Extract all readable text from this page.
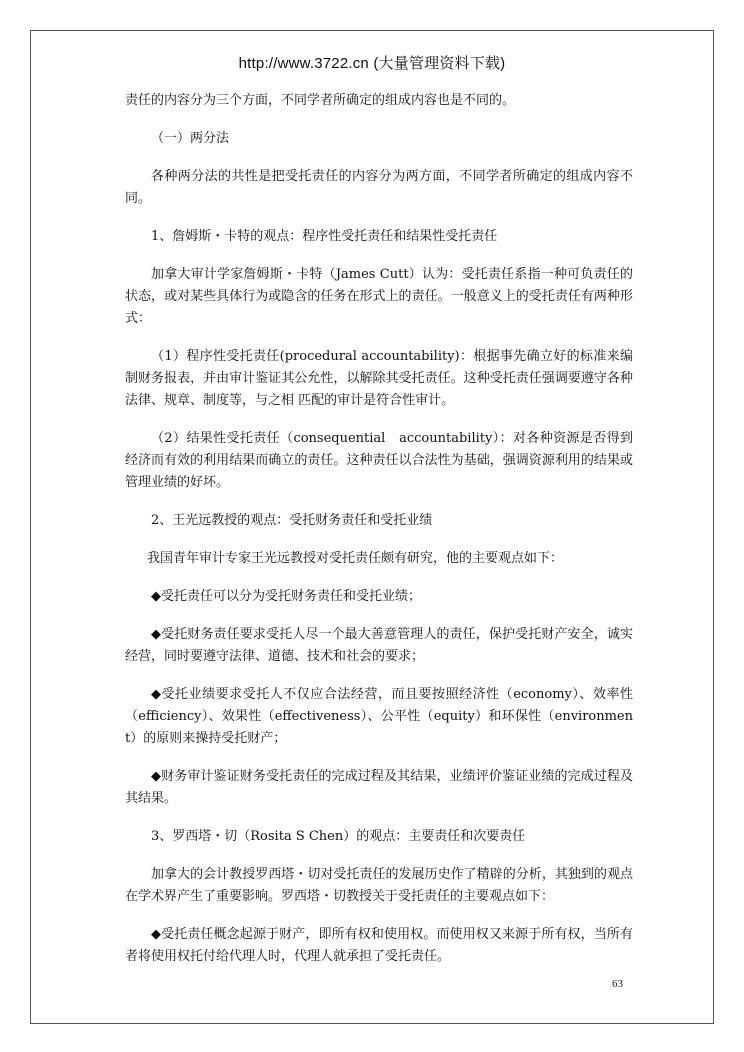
http://www.3722.cn (大量管理资料下载)

责任的内容分为三个方面，不同学者所确定的组成内容也是不同的。

（一）两分法

各种两分法的共性是把受托责任的内容分为两方面，不同学者所确定的组成内容不同。

1、詹姆斯・卡特的观点：程序性受托责任和结果性受托责任

加拿大审计学家詹姆斯・卡特（James Cutt）认为：受托责任系指一种可负责任的状态，或对某些具体行为或隐含的任务在形式上的责任。一般意义上的受托责任有两种形式：

（1）程序性受托责任(procedural accountability)：根据事先确立好的标准来编制财务报表，并由审计鉴证其公允性，以解除其受托责任。这种受托责任强调要遵守各种法律、规章、制度等，与之相 匹配的审计是符合性审计。

（2）结果性受托责任（consequential　accountability）：对各种资源是否得到经济而有效的利用结果而确立的责任。这种责任以合法性为基础，强调资源利用的结果或管理业绩的好坏。

2、王光远教授的观点：受托财务责任和受托业绩

我国青年审计专家王光远教授对受托责任颇有研究，他的主要观点如下：

◆受托责任可以分为受托财务责任和受托业绩；

◆受托财务责任要求受托人尽一个最大善意管理人的责任，保护受托财产安全，诚实经营，同时要遵守法律、道德、技术和社会的要求；

◆受托业绩要求受托人不仅应合法经营，而且要按照经济性（economy）、效率性（efficiency）、效果性（effectiveness）、公平性（equity）和环保性（environment）的原则来操持受托财产；

◆财务审计鉴证财务受托责任的完成过程及其结果，业绩评价鉴证业绩的完成过程及其结果。

3、罗西塔・切（Rosita S Chen）的观点：主要责任和次要责任

加拿大的会计教授罗西塔・切对受托责任的发展历史作了精辟的分析，其独到的观点在学术界产生了重要影响。罗西塔・切教授关于受托责任的主要观点如下：

◆受托责任概念起源于财产，即所有权和使用权。而使用权又来源于所有权，当所有者将使用权托付给代理人时，代理人就承担了受托责任。

63
